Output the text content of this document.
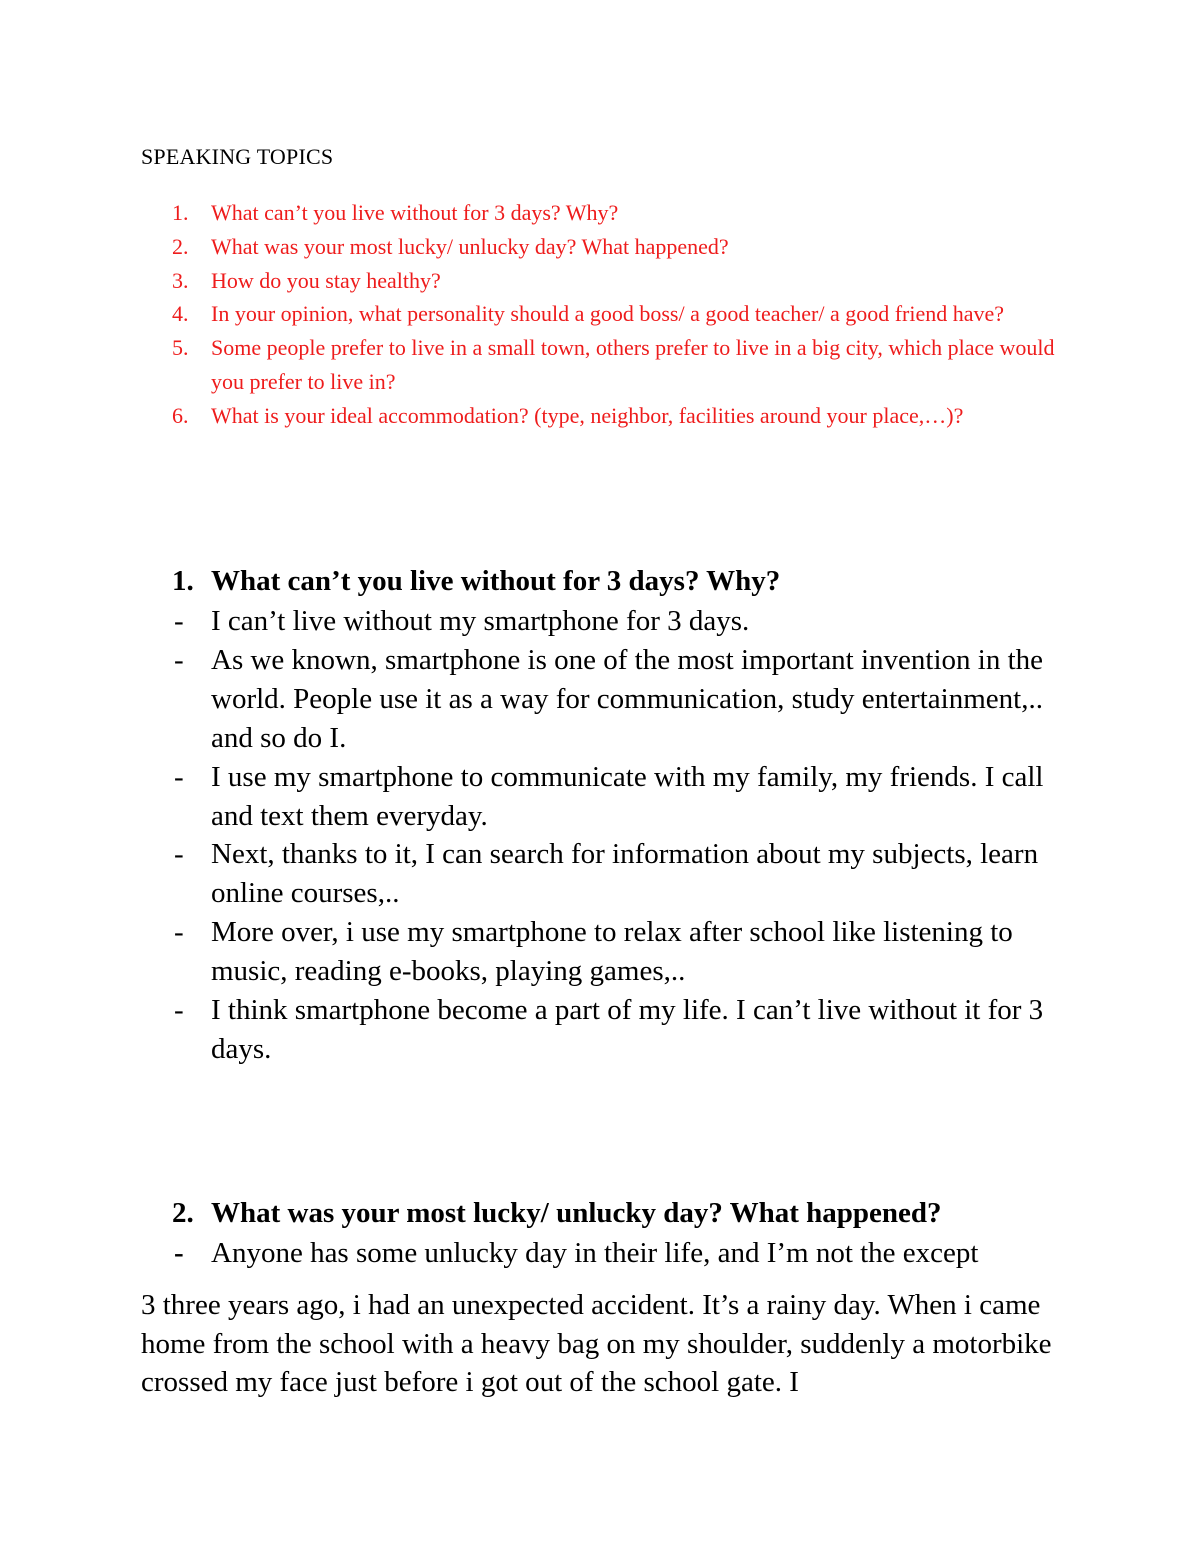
SPEAKING TOPICS
1. What can’t you live without for 3 days? Why?
2. What was your most lucky/ unlucky day? What happened?
3. How do you stay healthy?
4. In your opinion, what personality should a good boss/ a good teacher/ a good friend have?
5. Some people prefer to live in a small town, others prefer to live in a big city, which place would you prefer to live in?
6. What is your ideal accommodation? (type, neighbor, facilities around your place,…)?
1. What can’t you live without for 3 days? Why?
- I can’t live without my smartphone for 3 days.
- As we known, smartphone is one of the most important invention in the world. People use it as a way for communication, study entertainment,.. and so do I.
- I use my smartphone to communicate with my family, my friends. I call and text them everyday.
- Next, thanks to it, I can search for information about my subjects, learn online courses,..
- More over, i use my smartphone to relax after school like listening to music, reading e-books, playing games,..
- I think smartphone become a part of my life. I can’t live without it for 3 days.
2. What was your most lucky/ unlucky day? What happened?
- Anyone has some unlucky day in their life, and I’m not the except

3 three years ago, i had an unexpected accident. It’s a rainy day. When i came home from the school with a heavy bag on my shoulder, suddenly a motorbike crossed my face just before i got out of the school gate. I
